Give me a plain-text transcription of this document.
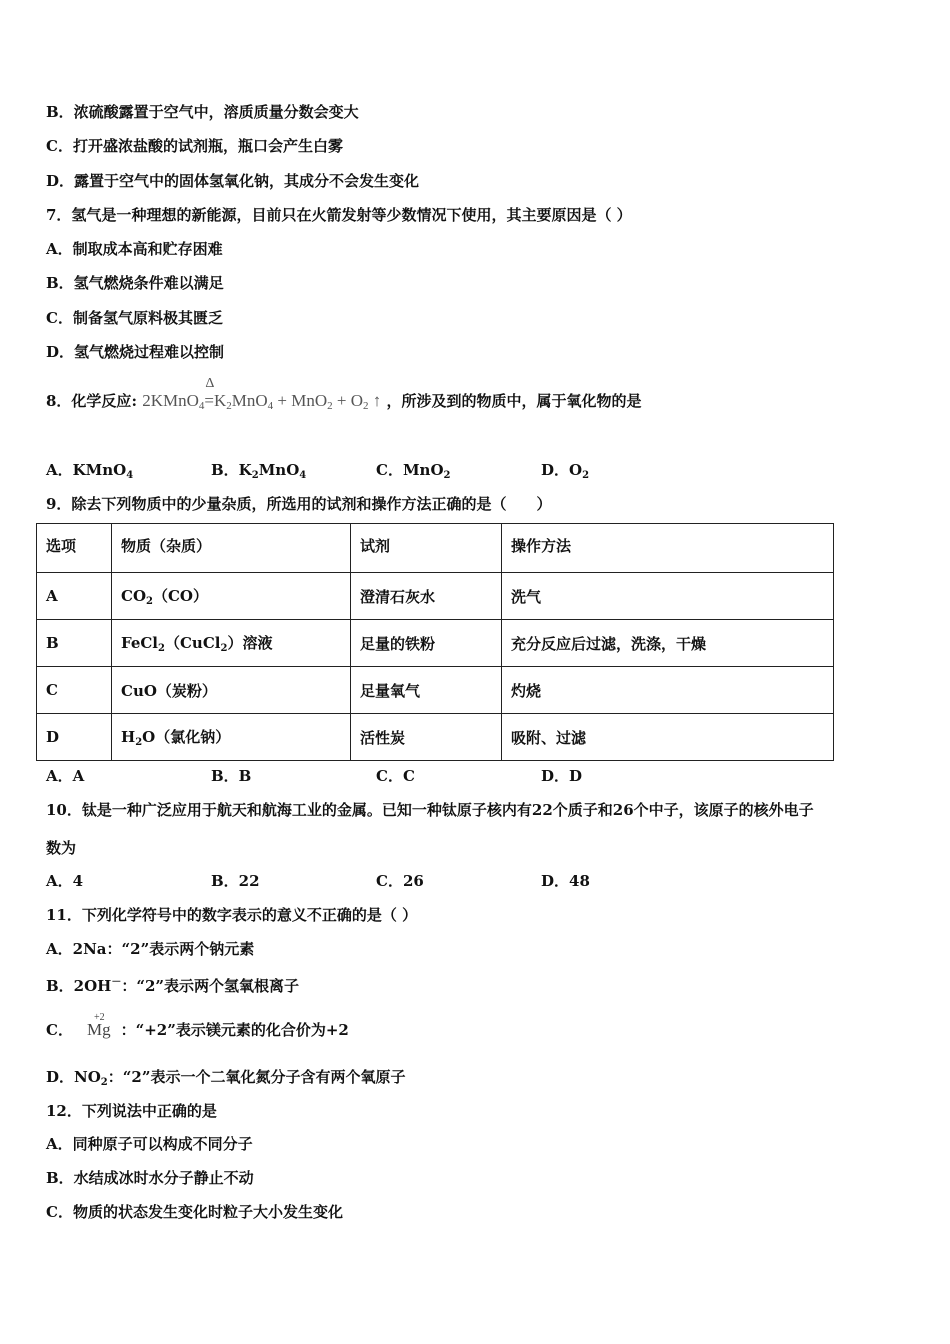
B．浓硫酸露置于空气中，溶质质量分数会变大
C．打开盛浓盐酸的试剂瓶，瓶口会产生白雾
D．露置于空气中的固体氢氧化钠，其成分不会发生变化
7．氢气是一种理想的新能源，目前只在火箭发射等少数情况下使用，其主要原因是（ ）
A．制取成本高和贮存困难
B．氢气燃烧条件难以满足
C．制备氢气原料极其匮乏
D．氢气燃烧过程难以控制
8．化学反应: 2KMnO$_4$
Δ
$=K_2MnO_4 + MnO_2 + O_2$ ↑ ，所涉及到的物质中，属于氧化物的是
A．KMnO$_4$	B．$K_2MnO_4$	C．MnO$_2$	D．$O_2$
9．除去下列物质中的少量杂质，所选用的试剂和操作方法正确的是（　　）
选项	物质（杂质）	试剂	操作方法
A	$CO_2(CO)$	澄清石灰水	洗气
B	FeCl$_2$（CuCl$_2$）溶液	足量的铁粉	充分反应后过滤，洗涤，干燥
C	CuO（炭粉）	足量氧气	灼烧
D	$H_2O$（氯化钠）	活性炭	吸附、过滤
A．A	B．B	C．C	D．D
10．钛是一种广泛应用于航天和航海工业的金属。已知一种钛原子核内有22个质子和26个中子，该原子的核外电子
数为
A．4	B．22	C．26	D．48
11．下列化学符号中的数字表示的意义不正确的是（ ）
A．2Na：“2”表示两个钠元素
B．2OH－：“2”表示两个氢氧根离子
C．
+2
Mg ：“+2”表示镁元素的化合价为+2
D．$NO_2$：“2”表示一个二氧化氮分子含有两个氧原子
12．下列说法中正确的是
A．同种原子可以构成不同分子
B．水结成冰时水分子静止不动
C．物质的状态发生变化时粒子大小发生变化
